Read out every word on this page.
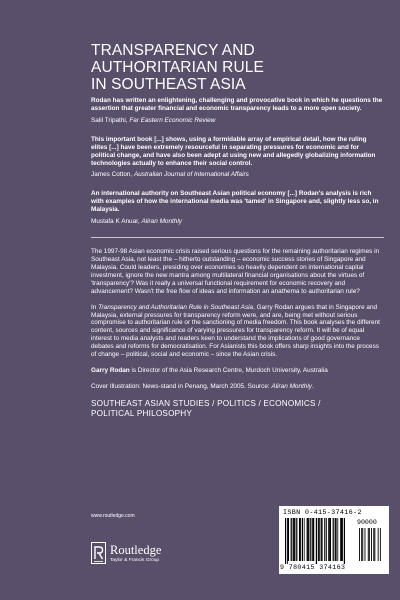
TRANSPARENCY AND
AUTHORITARIAN RULE
IN SOUTHEAST ASIA

Rodan has written an enlightening, challenging and provocative book in which he questions the assertion that greater financial and economic transparency leads to a more open society.

Salil Tripathi, Far Eastern Economic Review

This important book [...] shows, using a formidable array of empirical detail, how the ruling elites [...] have been extremely resourceful in separating pressures for economic and for political change, and have also been adept at using new and allegedly globalizing information technologies actually to enhance their social control.

James Cotton, Australian Journal of International Affairs

An international authority on Southeast Asian political economy [...] Rodan's analysis is rich with examples of how the international media was 'tamed' in Singapore and, slightly less so, in Malaysia.

Mustafa K Anuar, Aliran Monthly

The 1997-98 Asian economic crisis raised serious questions for the remaining authoritarian regimes in Southeast Asia, not least the – hitherto outstanding – economic success stories of Singapore and Malaysia. Could leaders, presiding over economies so heavily dependent on international capital investment, ignore the new mantra among multilateral financial organisations about the virtues of 'transparency'? Was it really a universal functional requirement for economic recovery and advancement? Wasn't the free flow of ideas and information an anathema to authoritarian rule?

In Transparency and Authoritarian Rule in Southeast Asia, Garry Rodan argues that in Singapore and Malaysia, external pressures for transparency reform were, and are, being met without serious compromise to authoritarian rule or the sanctioning of media freedom. This book analyses the different content, sources and significance of varying pressures for transparency reform. It will be of equal interest to media analysts and readers keen to understand the implications of good governance debates and reforms for democratisation. For Asianists this book offers sharp insights into the process of change – political, social and economic – since the Asian crisis.

Garry Rodan is Director of the Asia Research Centre, Murdoch University, Australia

Cover Illustration: News-stand in Penang, March 2005. Source: Aliran Monthly.

SOUTHEAST ASIAN STUDIES / POLITICS / ECONOMICS /
POLITICAL PHILOSOPHY

www.routledge.com
Routledge
Taylor & Francis Group
ISBN 0-415-37416-2
90000
9 780415 374163
